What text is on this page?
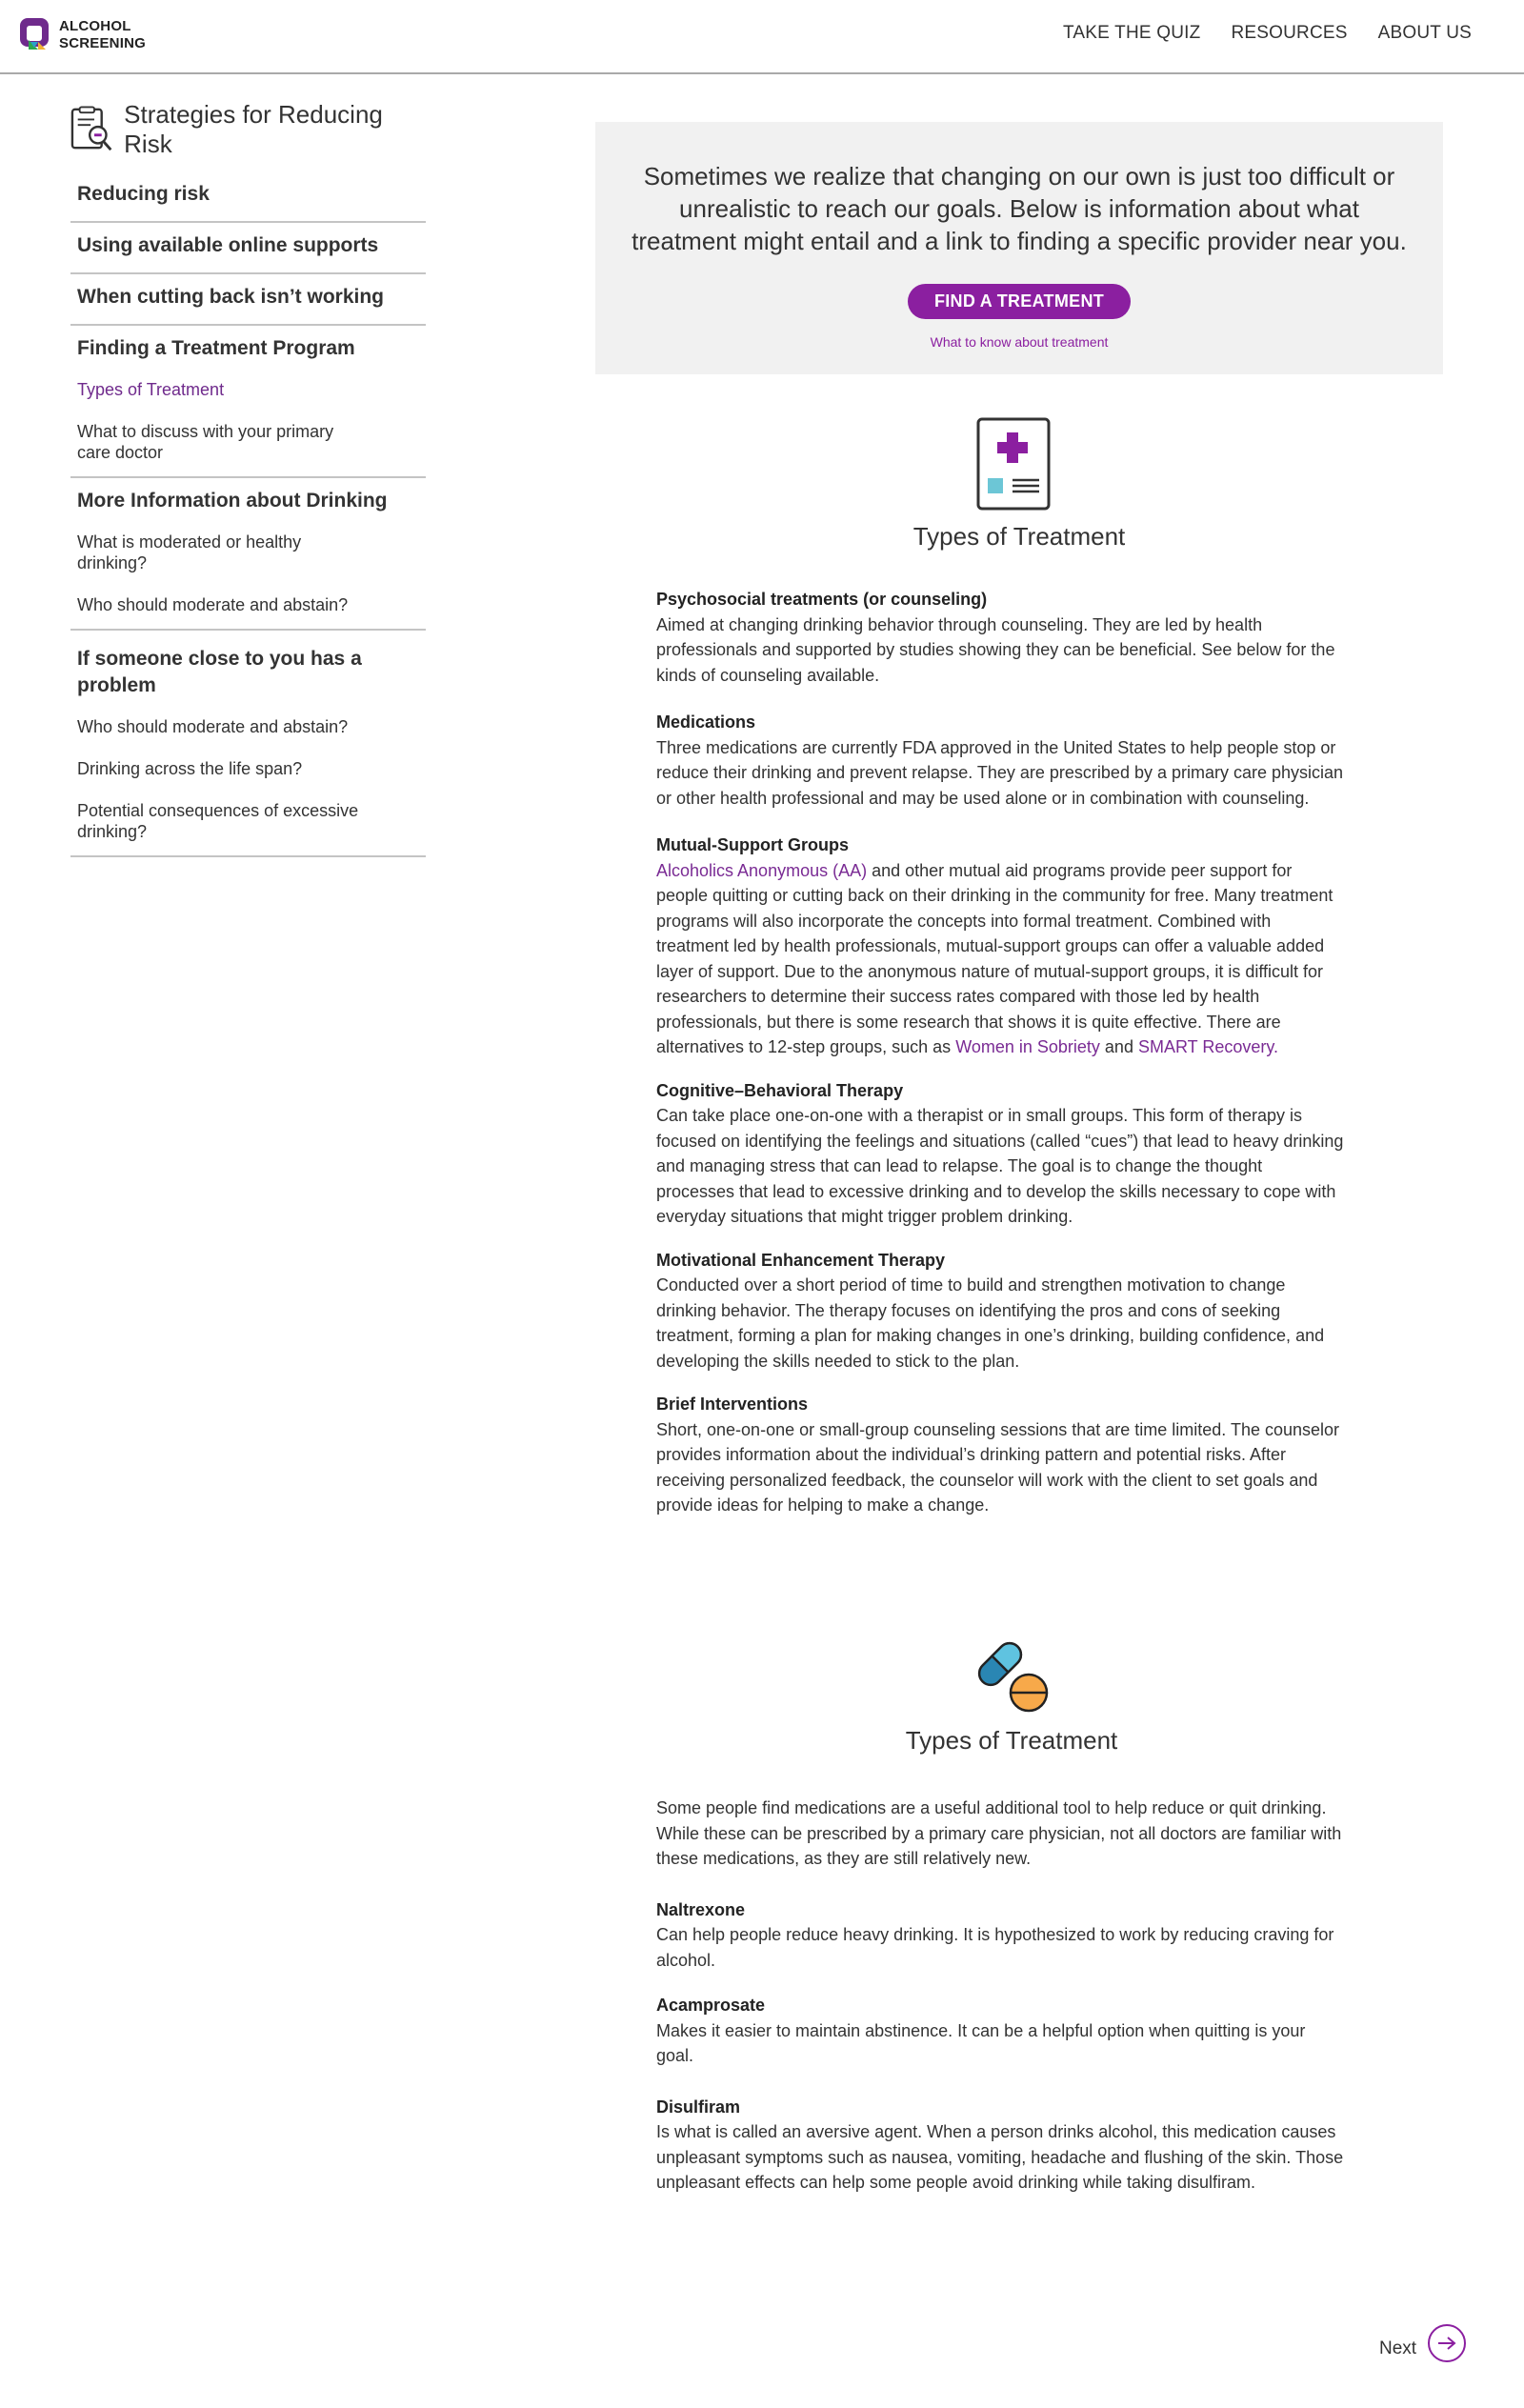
ALCOHOL
SCREENING
TAKE THE QUIZ RESOURCES ABOUT US
Strategies for Reducing Risk
Reducing risk
Using available online supports
When cutting back isn’t working
Finding a Treatment Program
Types of Treatment
What to discuss with your primary care doctor
More Information about Drinking
What is moderated or healthy drinking?
Who should moderate and abstain?
If someone close to you has a problem
Who should moderate and abstain?
Drinking across the life span?
Potential consequences of excessive drinking?

Sometimes we realize that changing on our own is just too difficult or unrealistic to reach our goals. Below is information about what treatment might entail and a link to finding a specific provider near you.

FIND A TREATMENT
What to know about treatment
Types of Treatment
Psychosocial treatments (or counseling)
Aimed at changing drinking behavior through counseling. They are led by health professionals and supported by studies showing they can be beneficial. See below for the kinds of counseling available.
Medications
Three medications are currently FDA approved in the United States to help people stop or reduce their drinking and prevent relapse. They are prescribed by a primary care physician or other health professional and may be used alone or in combination with counseling.
Mutual-Support Groups
Alcoholics Anonymous (AA) and other mutual aid programs provide peer support for people quitting or cutting back on their drinking in the community for free. Many treatment programs will also incorporate the concepts into formal treatment. Combined with treatment led by health professionals, mutual-support groups can offer a valuable added layer of support. Due to the anonymous nature of mutual-support groups, it is difficult for researchers to determine their success rates compared with those led by health professionals, but there is some research that shows it is quite effective. There are alternatives to 12-step groups, such as Women in Sobriety and SMART Recovery.
Cognitive–Behavioral Therapy
Can take place one-on-one with a therapist or in small groups. This form of therapy is focused on identifying the feelings and situations (called “cues”) that lead to heavy drinking and managing stress that can lead to relapse. The goal is to change the thought processes that lead to excessive drinking and to develop the skills necessary to cope with everyday situations that might trigger problem drinking.
Motivational Enhancement Therapy
Conducted over a short period of time to build and strengthen motivation to change drinking behavior. The therapy focuses on identifying the pros and cons of seeking treatment, forming a plan for making changes in one’s drinking, building confidence, and developing the skills needed to stick to the plan.
Brief Interventions
Short, one-on-one or small-group counseling sessions that are time limited. The counselor provides information about the individual’s drinking pattern and potential risks. After receiving personalized feedback, the counselor will work with the client to set goals and provide ideas for helping to make a change.
Types of Treatment
Some people find medications are a useful additional tool to help reduce or quit drinking. While these can be prescribed by a primary care physician, not all doctors are familiar with these medications, as they are still relatively new.
Naltrexone
Can help people reduce heavy drinking. It is hypothesized to work by reducing craving for alcohol.
Acamprosate
Makes it easier to maintain abstinence. It can be a helpful option when quitting is your goal.
Disulfiram
Is what is called an aversive agent. When a person drinks alcohol, this medication causes unpleasant symptoms such as nausea, vomiting, headache and flushing of the skin. Those unpleasant effects can help some people avoid drinking while taking disulfiram.
Next
